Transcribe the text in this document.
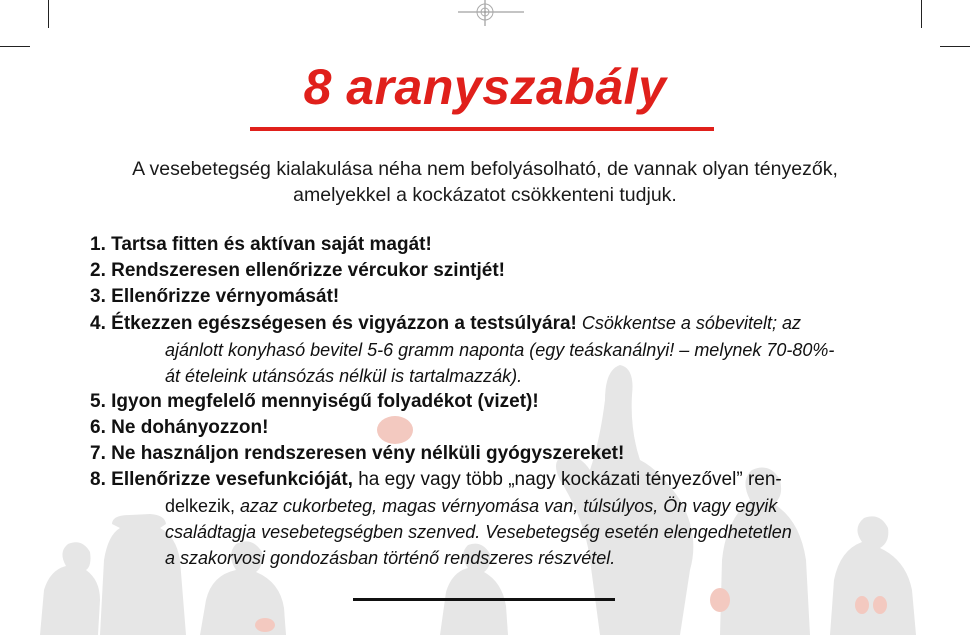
8 aranyszabály
A vesebetegség kialakulása néha nem befolyásolható, de vannak olyan tényezők,
amelyekkel a kockázatot csökkenteni tudjuk.
1. Tartsa fitten és aktívan saját magát!
2. Rendszeresen ellenőrizze vércukor szintjét!
3. Ellenőrizze vérnyomását!
4. Étkezzen egészségesen és vigyázzon a testsúlyára! Csökkentse a sóbevitelt; az
ajánlott konyhasó bevitel 5-6 gramm naponta (egy teáskanálnyi! – melynek 70-80%-
át ételeink utánsózás nélkül is tartalmazzák).
5. Igyon megfelelő mennyiségű folyadékot (vizet)!
6. Ne dohányozzon!
7. Ne használjon rendszeresen vény nélküli gyógyszereket!
8. Ellenőrizze vesefunkcióját, ha egy vagy több „nagy kockázati tényezővel” ren-
delkezik, azaz cukorbeteg, magas vérnyomása van, túlsúlyos, Ön vagy egyik
családtagja vesebetegségben szenved. Vesebetegség esetén elengedhetetlen
a szakorvosi gondozásban történő rendszeres részvétel.
